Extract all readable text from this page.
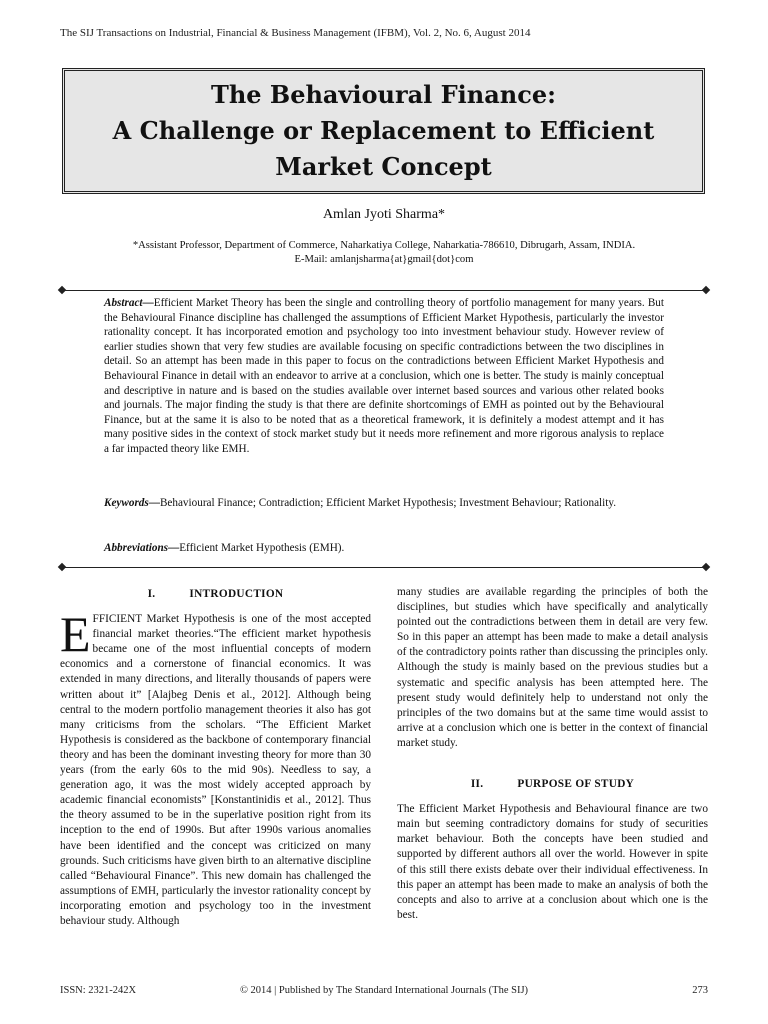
The SIJ Transactions on Industrial, Financial & Business Management (IFBM), Vol. 2, No. 6, August 2014
The Behavioural Finance:
A Challenge or Replacement to Efficient
Market Concept
Amlan Jyoti Sharma*
*Assistant Professor, Department of Commerce, Naharkatiya College, Naharkatia-786610, Dibrugarh, Assam, INDIA.
E-Mail: amlanjsharma{at}gmail{dot}com

Abstract—Efficient Market Theory has been the single and controlling theory of portfolio management for many years. But the Behavioural Finance discipline has challenged the assumptions of Efficient Market Hypothesis, particularly the investor rationality concept. It has incorporated emotion and psychology too into investment behaviour study. However review of earlier studies shown that very few studies are available focusing on specific contradictions between the two disciplines in detail. So an attempt has been made in this paper to focus on the contradictions between Efficient Market Hypothesis and Behavioural Finance in detail with an endeavor to arrive at a conclusion, which one is better. The study is mainly conceptual and descriptive in nature and is based on the studies available over internet based sources and various other related books and journals. The major finding the study is that there are definite shortcomings of EMH as pointed out by the Behavioural Finance, but at the same it is also to be noted that as a theoretical framework, it is definitely a modest attempt and it has many positive sides in the context of stock market study but it needs more refinement and more rigorous analysis to replace a far impacted theory like EMH.

Keywords—Behavioural Finance; Contradiction; Efficient Market Hypothesis; Investment Behaviour; Rationality.
Abbreviations—Efficient Market Hypothesis (EMH).
I.	INTRODUCTION

EFFICIENT Market Hypothesis is one of the most accepted financial market theories.“The efficient market hypothesis became one of the most influential concepts of modern economics and a cornerstone of financial economics. It was extended in many directions, and literally thousands of papers were written about it” [Alajbeg Denis et al., 2012]. Although being central to the modern portfolio management theories it also has got many criticisms from the scholars. “The Efficient Market Hypothesis is considered as the backbone of contemporary financial theory and has been the dominant investing theory for more than 30 years (from the early 60s to the mid 90s). Needless to say, a generation ago, it was the most widely accepted approach by academic financial economists” [Konstantinidis et al., 2012]. Thus the theory assumed to be in the superlative position right from its inception to the end of 1990s. But after 1990s various anomalies have been identified and the concept was criticized on many grounds. Such criticisms have given birth to an alternative discipline called “Behavioural Finance”. This new domain has challenged the assumptions of EMH, particularly the investor rationality concept by incorporating emotion and psychology too in the investment behaviour study. Although

many studies are available regarding the principles of both the disciplines, but studies which have specifically and analytically pointed out the contradictions between them in detail are very few. So in this paper an attempt has been made to make a detail analysis of the contradictory points rather than discussing the principles only. Although the study is mainly based on the previous studies but a systematic and specific analysis has been attempted here. The present study would definitely help to understand not only the principles of the two domains but at the same time would assist to arrive at a conclusion which one is better in the context of financial market study.

II.	PURPOSE OF STUDY

The Efficient Market Hypothesis and Behavioural finance are two main but seeming contradictory domains for study of securities market behaviour. Both the concepts have been studied and supported by different authors all over the world. However in spite of this still there exists debate over their individual effectiveness. In this paper an attempt has been made to make an analysis of both the concepts and also to arrive at a conclusion about which one is the best.

ISSN: 2321-242X	© 2014 | Published by The Standard International Journals (The SIJ)	273
